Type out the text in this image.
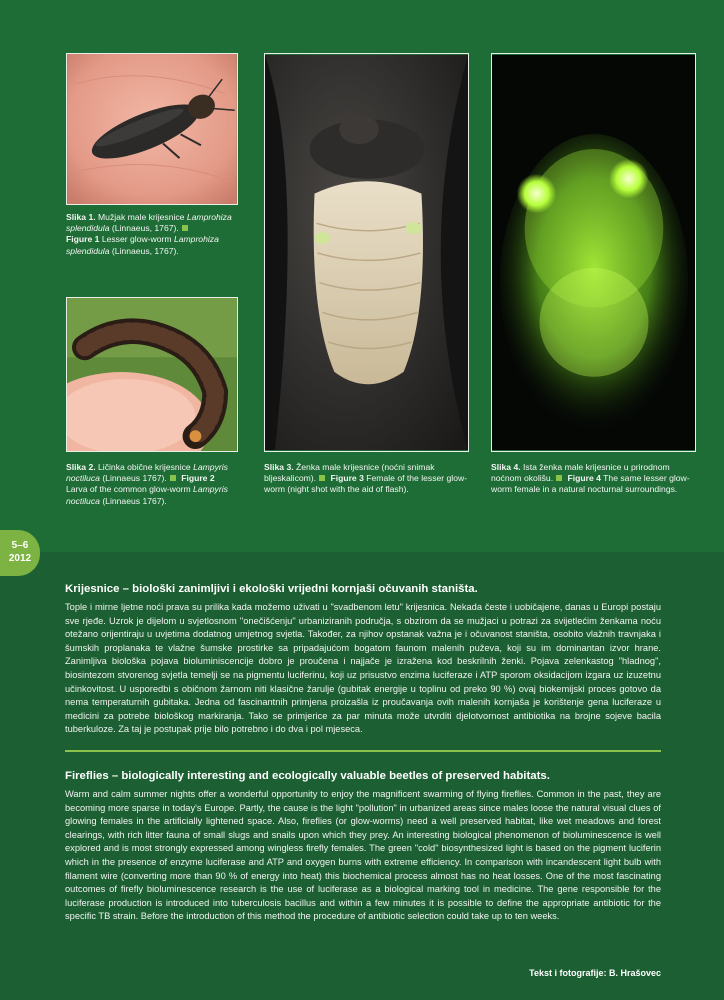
Slika 1. Mužjak male krijesnice Lamprohiza splendidula (Linnaeus, 1767).
Figure 1 Lesser glow-worm Lamprohiza splendidula (Linnaeus, 1767).
Slika 2. Ličinka obične krijesnice Lampyris noctiluca (Linnaeus 1767). Figure 2 Larva of the common glow-worm Lampyris noctiluca (Linnaeus 1767).
Slika 3. Ženka male krijesnice (noćni snimak bljeskalicom). Figure 3 Female of the lesser glow-worm (night shot with the aid of flash).
Slika 4. Ista ženka male krijesnice u prirodnom noćnom okolišu. Figure 4 The same lesser glow-worm female in a natural nocturnal surroundings.
5–6
2012
Krijesnice – biološki zanimljivi i ekološki vrijedni kornjaši očuvanih staništa.
Tople i mirne ljetne noći prava su prilika kada možemo uživati u "svadbenom letu" krijesnica. Nekada česte i uobičajene, danas u Europi postaju sve rjeđe. Uzrok je dijelom u svjetlosnom "onečišćenju" urbaniziranih područja, s obzirom da se mužjaci u potrazi za svijetlećim ženkama noću otežano orijentiraju u uvjetima dodatnog umjetnog svjetla. Također, za njihov opstanak važna je i očuvanost staništa, osobito vlažnih travnjaka i šumskih proplanaka te vlažne šumske prostirke sa pripadajućom bogatom faunom malenih puževa, koji su im dominantan izvor hrane. Zanimljiva biološka pojava bioluminiscencije dobro je proučena i najjače je izražena kod beskrilnih ženki. Pojava zelenkastog "hladnog", biosintezom stvorenog svjetla temelji se na pigmentu luciferinu, koji uz prisustvo enzima luciferaze i ATP sporom oksidacijom izgara uz izuzetnu učinkovitost. U usporedbi s običnom žarnom niti klasične žarulje (gubitak energije u toplinu od preko 90 %) ovaj biokemijski proces gotovo da nema temperaturnih gubitaka. Jedna od fascinantnih primjena proizašla iz proučavanja ovih malenih kornjaša je korištenje gena luciferaze u medicini za potrebe biološkog markiranja. Tako se primjerice za par minuta može utvrditi djelotvornost antibiotika na brojne sojeve bacila tuberkuloze. Za taj je postupak prije bilo potrebno i do dva i pol mjeseca.
Fireflies – biologically interesting and ecologically valuable beetles of preserved habitats.
Warm and calm summer nights offer a wonderful opportunity to enjoy the magnificent swarming of flying fireflies. Common in the past, they are becoming more sparse in today's Europe. Partly, the cause is the light "pollution" in urbanized areas since males loose the natural visual clues of glowing females in the artificially lightened space. Also, fireflies (or glow-worms) need a well preserved habitat, like wet meadows and forest clearings, with rich litter fauna of small slugs and snails upon which they prey. An interesting biological phenomenon of bioluminescence is well explored and is most strongly expressed among wingless firefly females. The green "cold" biosynthesized light is based on the pigment luciferin which in the presence of enzyme luciferase and ATP and oxygen burns with extreme efficiency. In comparison with incandescent light bulb with filament wire (converting more than 90 % of energy into heat) this biochemical process almost has no heat losses. One of the most fascinating outcomes of firefly bioluminescence research is the use of luciferase as a biological marking tool in medicine. The gene responsible for the luciferase production is introduced into tuberculosis bacillus and within a few minutes it is possible to define the appropriate antibiotic for the specific TB strain. Before the introduction of this method the procedure of antibiotic selection could take up to ten weeks.
Tekst i fotografije: B. Hrašovec
